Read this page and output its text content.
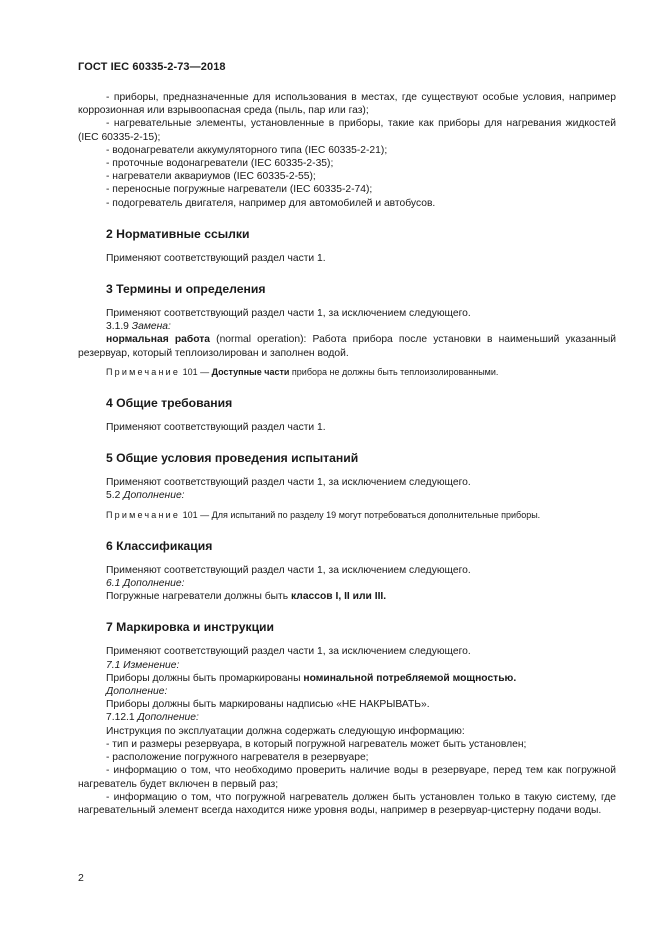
ГОСТ IEC 60335-2-73—2018

- приборы, предназначенные для использования в местах, где существуют особые условия, например коррозионная или взрывоопасная среда (пыль, пар или газ);

- нагревательные элементы, установленные в приборы, такие как приборы для нагревания жидкостей (IEC 60335-2-15);

- водонагреватели аккумуляторного типа (IEC 60335-2-21);

- проточные водонагреватели (IEC 60335-2-35);

- нагреватели аквариумов (IEC 60335-2-55);

- переносные погружные нагреватели (IEC 60335-2-74);

- подогреватель двигателя, например для автомобилей и автобусов.

2 Нормативные ссылки

Применяют соответствующий раздел части 1.

3 Термины и определения

Применяют соответствующий раздел части 1, за исключением следующего.

3.1.9 Замена:

нормальная работа (normal operation): Работа прибора после установки в наименьший указанный резервуар, который теплоизолирован и заполнен водой.

Примечание 101 — Доступные части прибора не должны быть теплоизолированными.

4 Общие требования

Применяют соответствующий раздел части 1.

5 Общие условия проведения испытаний

Применяют соответствующий раздел части 1, за исключением следующего.

5.2 Дополнение:

Примечание 101 — Для испытаний по разделу 19 могут потребоваться дополнительные приборы.

6 Классификация

Применяют соответствующий раздел части 1, за исключением следующего.

6.1 Дополнение:

Погружные нагреватели должны быть классов I, II или III.

7 Маркировка и инструкции

Применяют соответствующий раздел части 1, за исключением следующего.

7.1 Изменение:

Приборы должны быть промаркированы номинальной потребляемой мощностью.

Дополнение:

Приборы должны быть маркированы надписью «НЕ НАКРЫВАТЬ».

7.12.1 Дополнение:

Инструкция по эксплуатации должна содержать следующую информацию:

- тип и размеры резервуара, в который погружной нагреватель может быть установлен;

- расположение погружного нагревателя в резервуаре;

- информацию о том, что необходимо проверить наличие воды в резервуаре, перед тем как погружной нагреватель будет включен в первый раз;

- информацию о том, что погружной нагреватель должен быть установлен только в такую систему, где нагревательный элемент всегда находится ниже уровня воды, например в резервуар-цистерну подачи воды.

2
